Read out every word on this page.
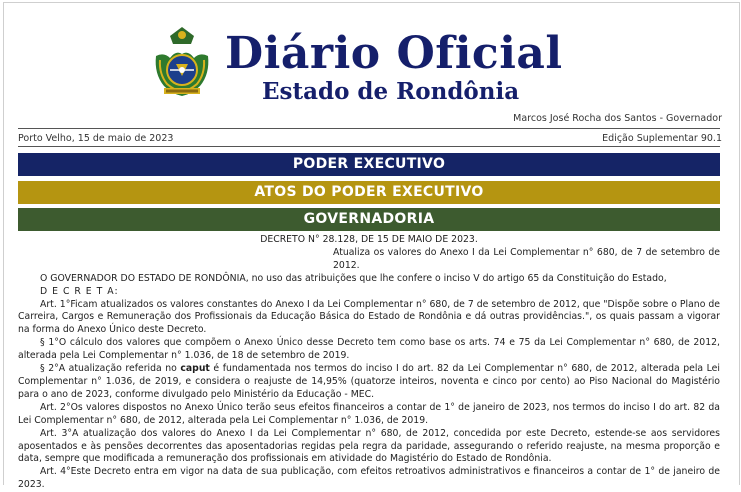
Diário Oficial
Estado de Rondônia
Marcos José Rocha dos Santos - Governador
Porto Velho, 15 de maio de 2023	Edição Suplementar 90.1
PODER EXECUTIVO
ATOS DO PODER EXECUTIVO
GOVERNADORIA

DECRETO N° 28.128, DE 15 DE MAIO DE 2023.

Atualiza os valores do Anexo I da Lei Complementar n° 680, de 7 de setembro de 2012.

O GOVERNADOR DO ESTADO DE RONDÔNIA, no uso das atribuições que lhe confere o inciso V do artigo 65 da Constituição do Estado,

D E C R E T A:

Art. 1°Ficam atualizados os valores constantes do Anexo I da Lei Complementar n° 680, de 7 de setembro de 2012, que "Dispõe sobre o Plano de Carreira, Cargos e Remuneração dos Profissionais da Educação Básica do Estado de Rondônia e dá outras providências.", os quais passam a vigorar na forma do Anexo Único deste Decreto.

§ 1°O cálculo dos valores que compõem o Anexo Único desse Decreto tem como base os arts. 74 e 75 da Lei Complementar n° 680, de 2012, alterada pela Lei Complementar n° 1.036, de 18 de setembro de 2019.

§ 2°A atualização referida no caput é fundamentada nos termos do inciso I do art. 82 da Lei Complementar n° 680, de 2012, alterada pela Lei Complementar n° 1.036, de 2019, e considera o reajuste de 14,95% (quatorze inteiros, noventa e cinco por cento) ao Piso Nacional do Magistério para o ano de 2023, conforme divulgado pelo Ministério da Educação - MEC.

Art. 2°Os valores dispostos no Anexo Único terão seus efeitos financeiros a contar de 1° de janeiro de 2023, nos termos do inciso I do art. 82 da Lei Complementar n° 680, de 2012, alterada pela Lei Complementar n° 1.036, de 2019.

Art. 3°A atualização dos valores do Anexo I da Lei Complementar n° 680, de 2012, concedida por este Decreto, estende-se aos servidores aposentados e às pensões decorrentes das aposentadorias regidas pela regra da paridade, assegurando o referido reajuste, na mesma proporção e data, sempre que modificada a remuneração dos profissionais em atividade do Magistério do Estado de Rondônia.

Art. 4°Este Decreto entra em vigor na data de sua publicação, com efeitos retroativos administrativos e financeiros a contar de 1° de janeiro de 2023.
